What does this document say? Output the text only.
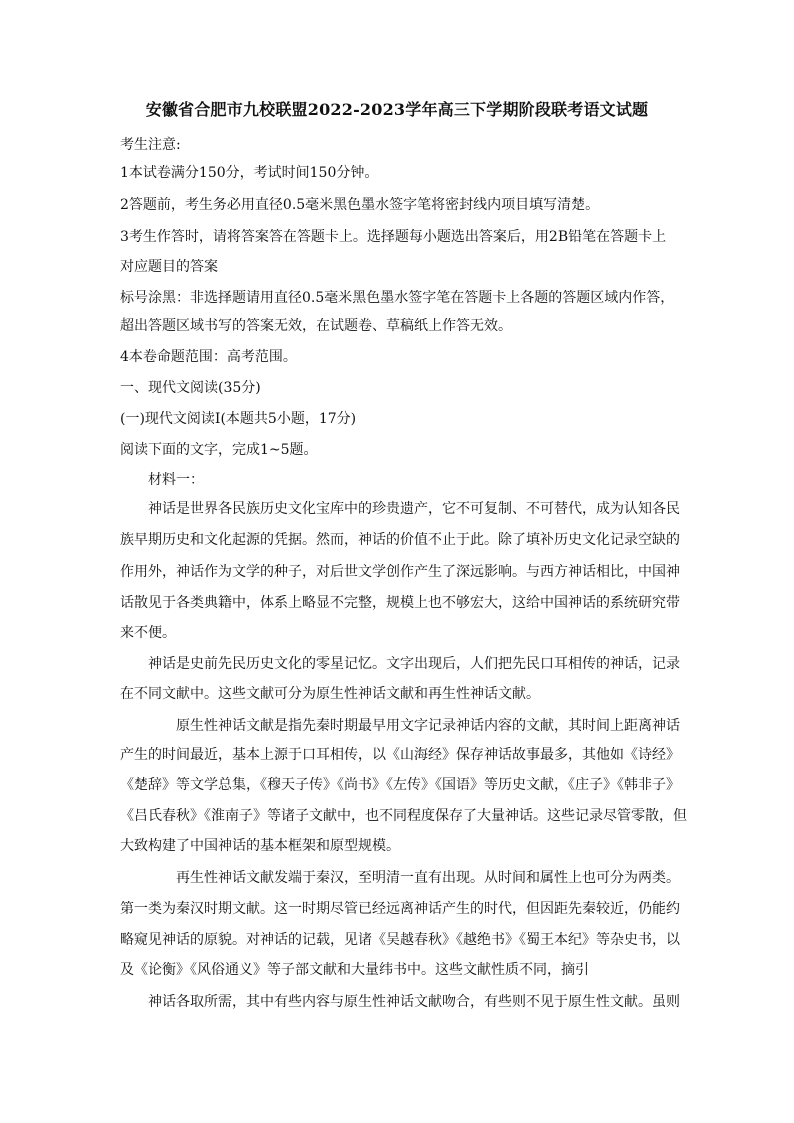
安徽省合肥市九校联盟2022-2023学年高三下学期阶段联考语文试题
考生注意:
1本试卷满分150分，考试时间150分钟。
2答题前，考生务必用直径0.5毫米黑色墨水签字笔将密封线内项目填写清楚。
3考生作答时，请将答案答在答题卡上。选择题每小题选出答案后，用2B铅笔在答题卡上
对应题目的答案
标号涂黑：非选择题请用直径0.5毫米黑色墨水签字笔在答题卡上各题的答题区域内作答，
超出答题区域书写的答案无效，在试题卷、草稿纸上作答无效。
4本卷命题范围：高考范围。
一、现代文阅读(35分)
(一)现代文阅读I(本题共5小题，17分)
阅读下面的文字，完成1~5题。
材料一：
神话是世界各民族历史文化宝库中的珍贵遗产，它不可复制、不可替代，成为认知各民
族早期历史和文化起源的凭据。然而，神话的价值不止于此。除了填补历史文化记录空缺的
作用外，神话作为文学的种子，对后世文学创作产生了深远影响。与西方神话相比，中国神
话散见于各类典籍中，体系上略显不完整，规模上也不够宏大，这给中国神话的系统研究带
来不便。
神话是史前先民历史文化的零星记忆。文字出现后，人们把先民口耳相传的神话，记录
在不同文献中。这些文献可分为原生性神话文献和再生性神话文献。
原生性神话文献是指先秦时期最早用文字记录神话内容的文献，其时间上距离神话
产生的时间最近，基本上源于口耳相传，以《山海经》保存神话故事最多，其他如《诗经》
《楚辞》等文学总集，《穆天子传》《尚书》《左传》《国语》等历史文献，《庄子》《韩非子》
《吕氏春秋》《淮南子》等诸子文献中，也不同程度保存了大量神话。这些记录尽管零散，但
大致构建了中国神话的基本框架和原型规模。
再生性神话文献发端于秦汉，至明清一直有出现。从时间和属性上也可分为两类。
第一类为秦汉时期文献。这一时期尽管已经远离神话产生的时代，但因距先秦较近，仍能约
略窥见神话的原貌。对神话的记载，见诸《吴越春秋》《越绝书》《蜀王本纪》等杂史书，以
及《论衡》《风俗通义》等子部文献和大量纬书中。这些文献性质不同，摘引
神话各取所需，其中有些内容与原生性神话文献吻合，有些则不见于原生性文献。虽则
